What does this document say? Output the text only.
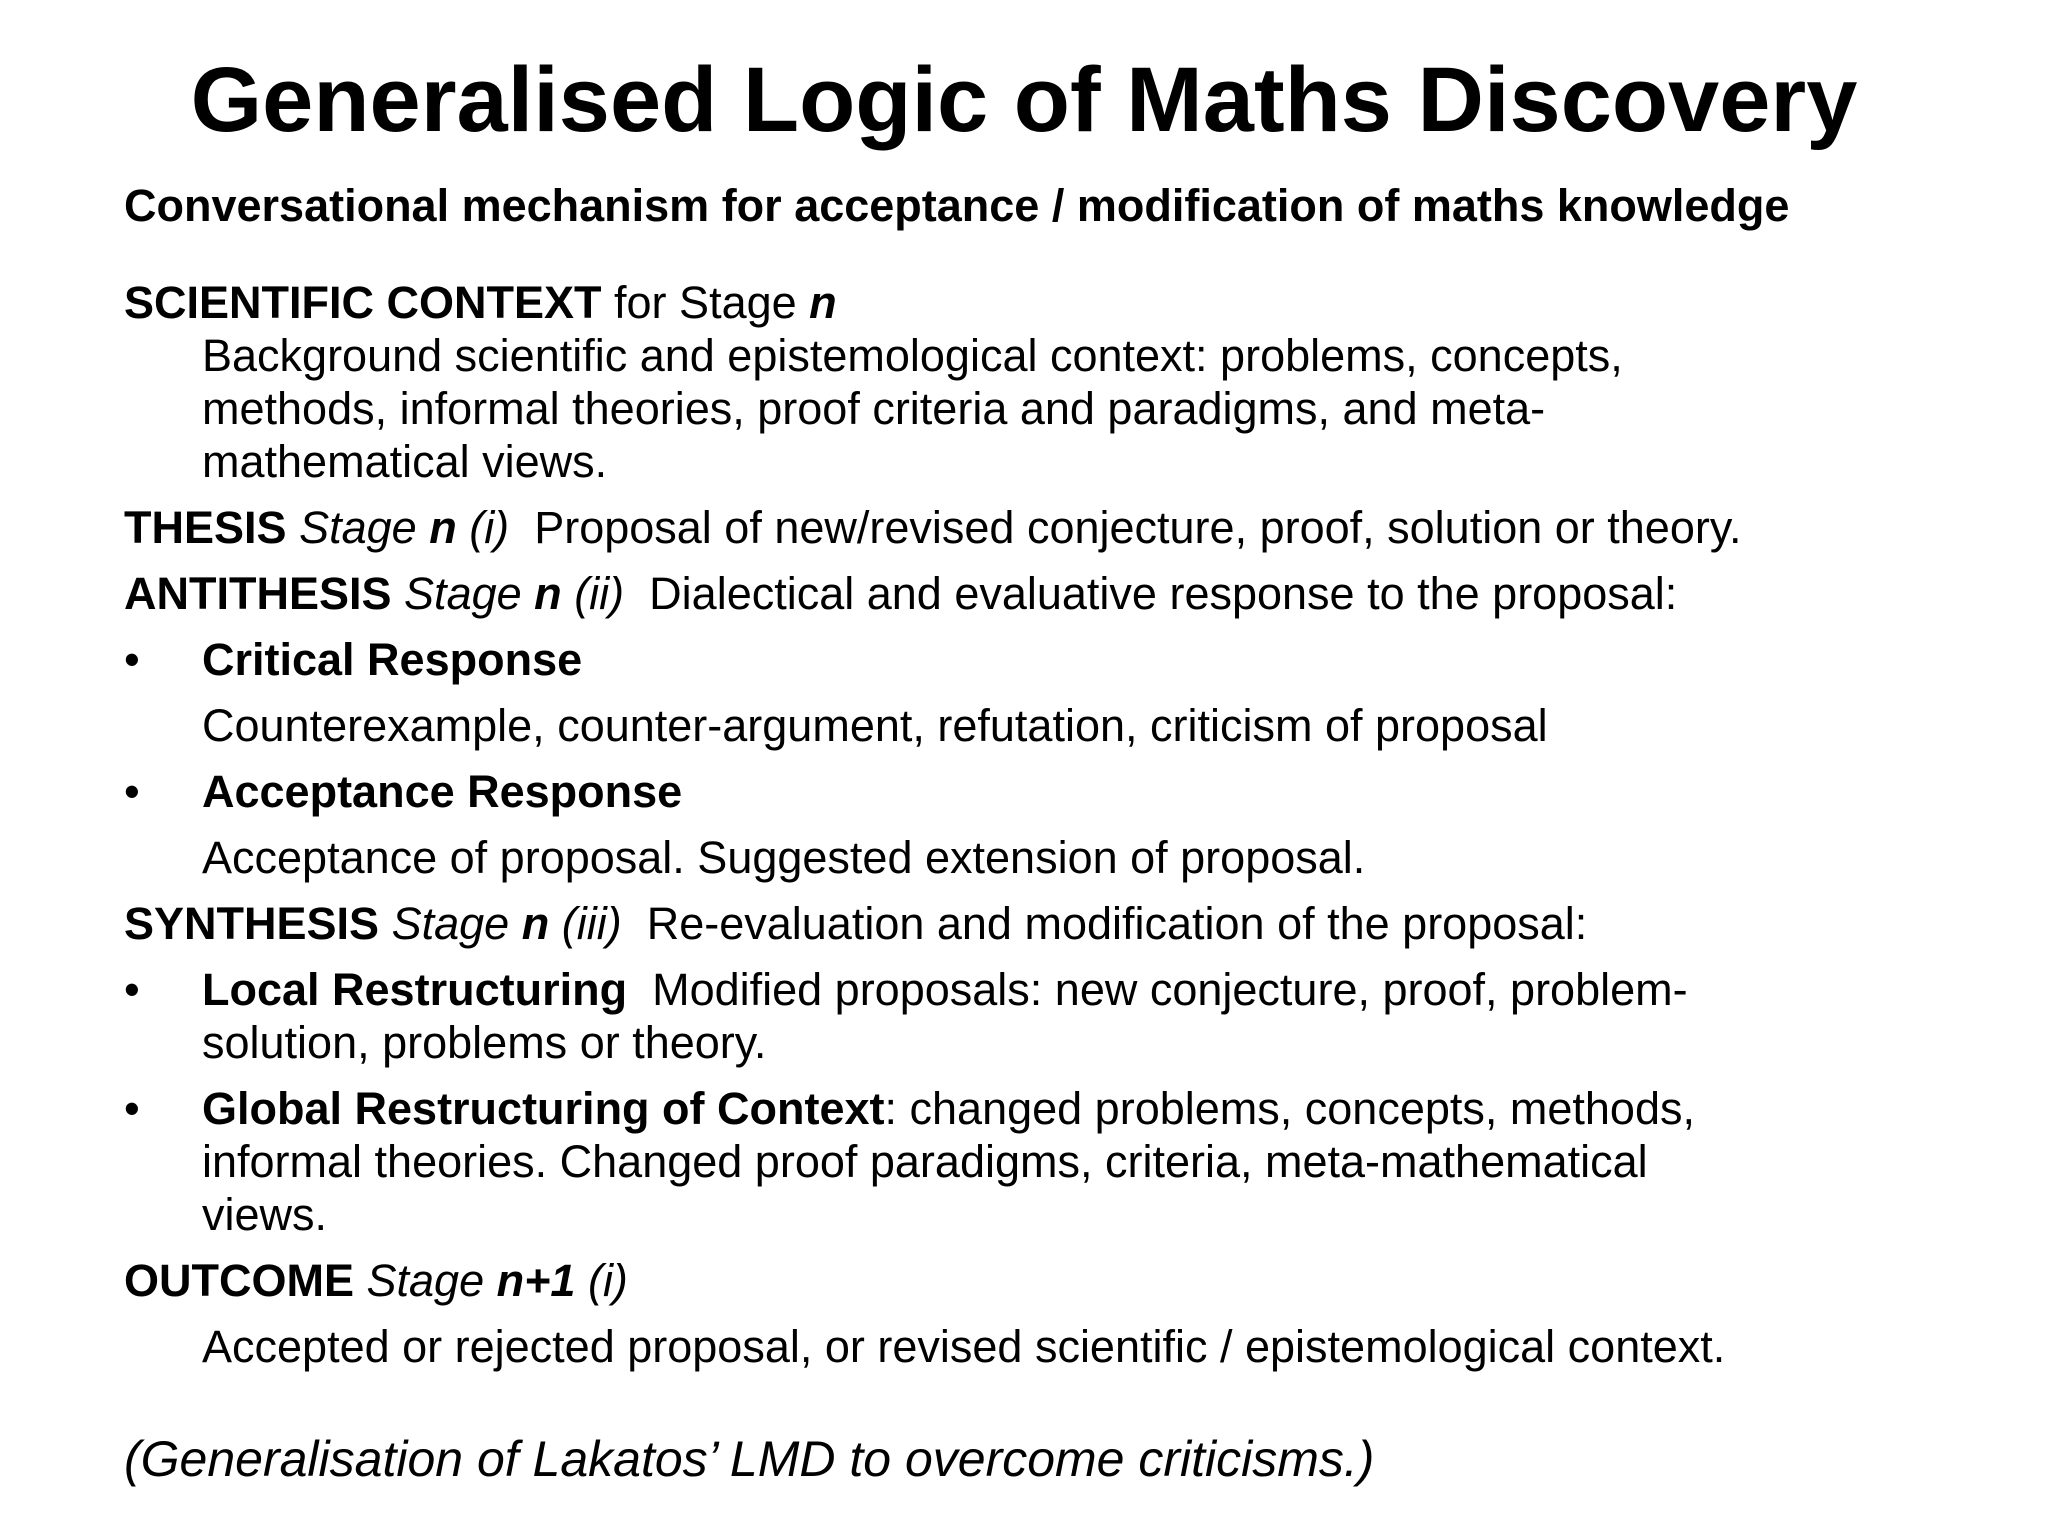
Generalised Logic of Maths Discovery
Conversational mechanism for acceptance / modification of maths knowledge
SCIENTIFIC CONTEXT for Stage n
Background scientific and epistemological context: problems, concepts,
methods, informal theories, proof criteria and paradigms, and meta-
mathematical views.
THESIS Stage n (i) Proposal of new/revised conjecture, proof, solution or theory.
ANTITHESIS Stage n (ii) Dialectical and evaluative response to the proposal:
• Critical Response
Counterexample, counter-argument, refutation, criticism of proposal
• Acceptance Response
Acceptance of proposal. Suggested extension of proposal.
SYNTHESIS Stage n (iii) Re-evaluation and modification of the proposal:
• Local Restructuring Modified proposals: new conjecture, proof, problem-
solution, problems or theory.
• Global Restructuring of Context: changed problems, concepts, methods,
informal theories. Changed proof paradigms, criteria, meta-mathematical
views.
OUTCOME Stage n+1 (i)
Accepted or rejected proposal, or revised scientific / epistemological context.
(Generalisation of Lakatos’ LMD to overcome criticisms.)
